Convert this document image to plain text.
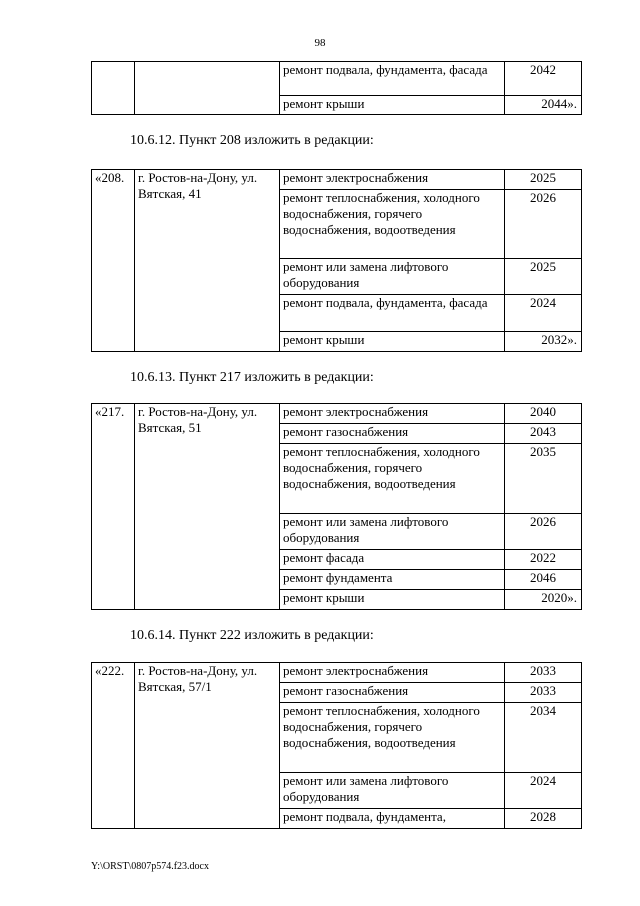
98
		ремонт подвала, фундамента, фасада	2042
		ремонт крыши	2044».
10.6.12. Пункт 208 изложить в редакции:
«208.	г. Ростов-на-Дону, ул. Вятская, 41	ремонт электроснабжения	2025
		ремонт теплоснабжения, холодного водоснабжения, горячего водоснабжения, водоотведения	2026
		ремонт или замена лифтового оборудования	2025
		ремонт подвала, фундамента, фасада	2024
		ремонт крыши	2032».
10.6.13. Пункт 217 изложить в редакции:
«217.	г. Ростов-на-Дону, ул. Вятская, 51	ремонт электроснабжения	2040
		ремонт газоснабжения	2043
		ремонт теплоснабжения, холодного водоснабжения, горячего водоснабжения, водоотведения	2035
		ремонт или замена лифтового оборудования	2026
		ремонт фасада	2022
		ремонт фундамента	2046
		ремонт крыши	2020».
10.6.14. Пункт 222 изложить в редакции:
«222.	г. Ростов-на-Дону, ул. Вятская, 57/1	ремонт электроснабжения	2033
		ремонт газоснабжения	2033
		ремонт теплоснабжения, холодного водоснабжения, горячего водоснабжения, водоотведения	2034
		ремонт или замена лифтового оборудования	2024
		ремонт подвала, фундамента,	2028
Y:\ORST\0807p574.f23.docx
